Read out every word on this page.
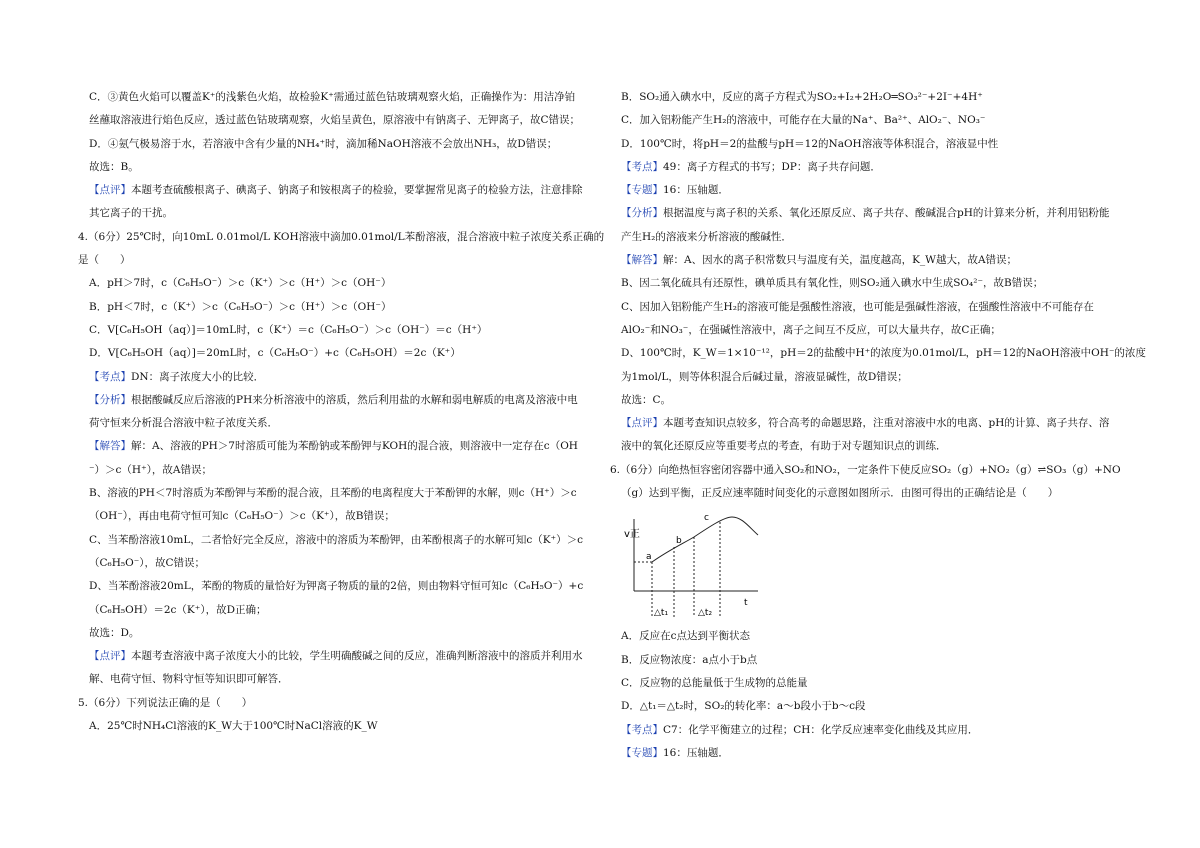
C．③黄色火焰可以覆盖K⁺的浅紫色火焰，故检验K⁺需通过蓝色钴玻璃观察火焰，正确操作为：用洁净铂
丝蘸取溶液进行焰色反应，透过蓝色钴玻璃观察，火焰呈黄色，原溶液中有钠离子、无钾离子，故C错误；
D．④氨气极易溶于水，若溶液中含有少量的NH₄⁺时，滴加稀NaOH溶液不会放出NH₃，故D错误；
故选：B。
【点评】本题考查硫酸根离子、碘离子、钠离子和铵根离子的检验，要掌握常见离子的检验方法，注意排除
其它离子的干扰。
4.（6分）25℃时，向10mL 0.01mol/L KOH溶液中滴加0.01mol/L苯酚溶液，混合溶液中粒子浓度关系正确的
是（　　）
A．pH＞7时，c（C₆H₅O⁻）＞c（K⁺）＞c（H⁺）＞c（OH⁻）
B．pH＜7时，c（K⁺）＞c（C₆H₅O⁻）＞c（H⁺）＞c（OH⁻）
C．V[C₆H₅OH（aq）]＝10mL时，c（K⁺）＝c（C₆H₅O⁻）＞c（OH⁻）＝c（H⁺）
D．V[C₆H₅OH（aq）]＝20mL时，c（C₆H₅O⁻）+c（C₆H₅OH）＝2c（K⁺）
【考点】DN：离子浓度大小的比较．
【分析】根据酸碱反应后溶液的PH来分析溶液中的溶质，然后利用盐的水解和弱电解质的电离及溶液中电
荷守恒来分析混合溶液中粒子浓度关系．
【解答】解：A、溶液的PH＞7时溶质可能为苯酚钠或苯酚钾与KOH的混合液，则溶液中一定存在c（OH
⁻）＞c（H⁺），故A错误；
B、溶液的PH＜7时溶质为苯酚钾与苯酚的混合液，且苯酚的电离程度大于苯酚钾的水解，则c（H⁺）＞c
（OH⁻），再由电荷守恒可知c（C₆H₅O⁻）＞c（K⁺），故B错误；
C、当苯酚溶液10mL，二者恰好完全反应，溶液中的溶质为苯酚钾，由苯酚根离子的水解可知c（K⁺）＞c
（C₆H₅O⁻），故C错误；
D、当苯酚溶液20mL，苯酚的物质的量恰好为钾离子物质的量的2倍，则由物料守恒可知c（C₆H₅O⁻）+c
（C₆H₅OH）＝2c（K⁺），故D正确；
故选：D。
【点评】本题考查溶液中离子浓度大小的比较，学生明确酸碱之间的反应，准确判断溶液中的溶质并利用水
解、电荷守恒、物料守恒等知识即可解答．
5.（6分）下列说法正确的是（　　）
A．25℃时NH₄Cl溶液的K_W大于100℃时NaCl溶液的K_W
B．SO₂通入碘水中，反应的离子方程式为SO₂+I₂+2H₂O═SO₃²⁻+2I⁻+4H⁺
C．加入铝粉能产生H₂的溶液中，可能存在大量的Na⁺、Ba²⁺、AlO₂⁻、NO₃⁻
D．100℃时，将pH＝2的盐酸与pH＝12的NaOH溶液等体积混合，溶液显中性
【考点】49：离子方程式的书写；DP：离子共存问题．
【专题】16：压轴题．
【分析】根据温度与离子积的关系、氧化还原反应、离子共存、酸碱混合pH的计算来分析，并利用铝粉能
产生H₂的溶液来分析溶液的酸碱性．
【解答】解：A、因水的离子积常数只与温度有关，温度越高，K_W越大，故A错误；
B、因二氧化硫具有还原性，碘单质具有氧化性，则SO₂通入碘水中生成SO₄²⁻，故B错误；
C、因加入铝粉能产生H₂的溶液可能是强酸性溶液，也可能是强碱性溶液，在强酸性溶液中不可能存在
AlO₂⁻和NO₃⁻，在强碱性溶液中，离子之间互不反应，可以大量共存，故C正确；
D、100℃时，K_W＝1×10⁻¹²，pH＝2的盐酸中H⁺的浓度为0.01mol/L，pH＝12的NaOH溶液中OH⁻的浓度
为1mol/L，则等体积混合后碱过量，溶液显碱性，故D错误；
故选：C。
【点评】本题考查知识点较多，符合高考的命题思路，注重对溶液中水的电离、pH的计算、离子共存、溶
液中的氧化还原反应等重要考点的考查，有助于对专题知识点的训练．
6.（6分）向绝热恒容密闭容器中通入SO₂和NO₂，一定条件下使反应SO₂（g）+NO₂（g）⇌SO₃（g）+NO
（g）达到平衡，正反应速率随时间变化的示意图如图所示．由图可得出的正确结论是（　　）
v正
t
a
b
c
△t₁	△t₂
A．反应在c点达到平衡状态
B．反应物浓度：a点小于b点
C．反应物的总能量低于生成物的总能量
D．△t₁＝△t₂时，SO₂的转化率：a～b段小于b～c段
【考点】C7：化学平衡建立的过程；CH：化学反应速率变化曲线及其应用．
【专题】16：压轴题．
